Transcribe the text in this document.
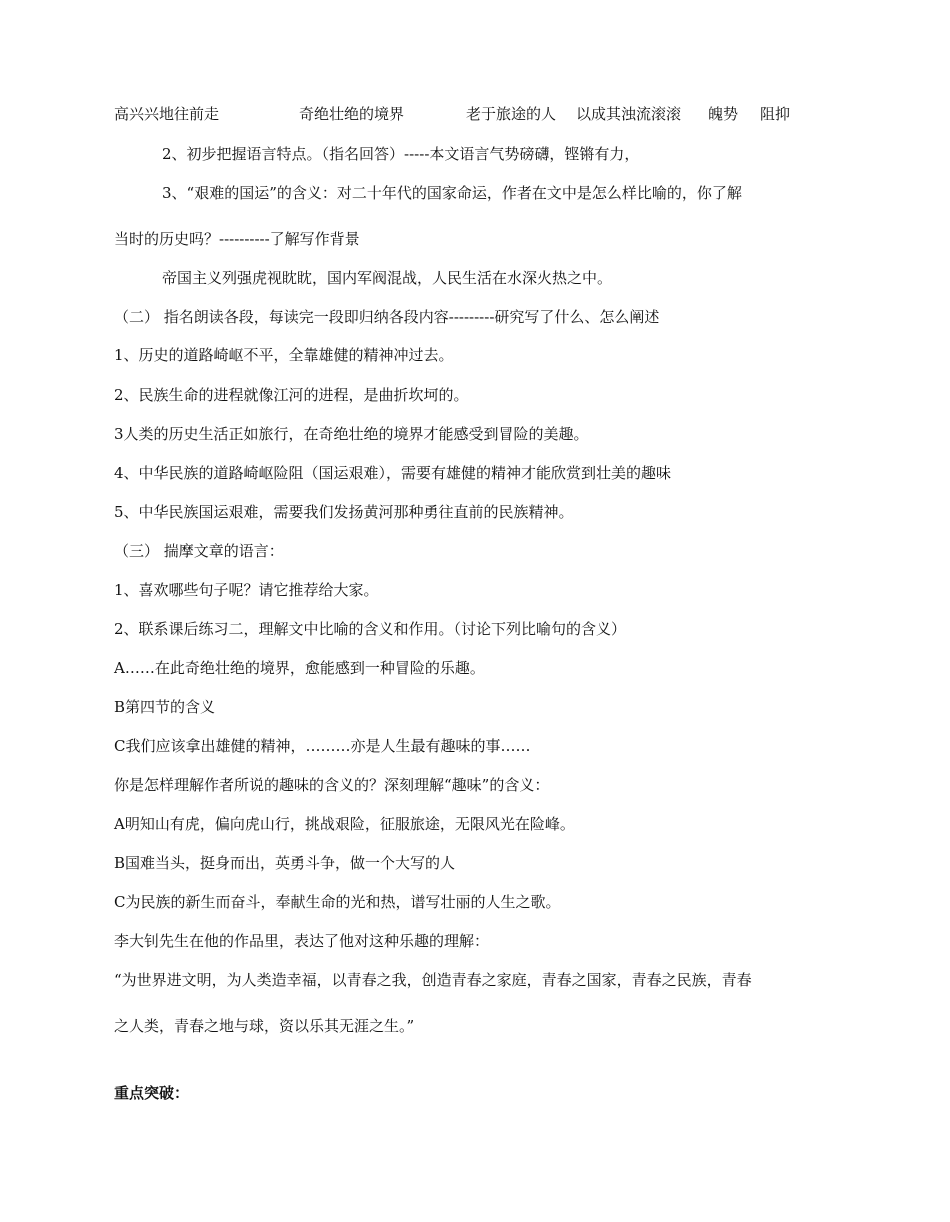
高兴兴地往前走	奇绝壮绝的境界	老于旅途的人 以成其浊流滚滚 魄势 阻抑
2、初步把握语言特点。（指名回答）-----本文语言气势磅礴，铿锵有力，
3、“艰难的国运”的含义：对二十年代的国家命运，作者在文中是怎么样比喻的，你了解
当时的历史吗？----------了解写作背景
帝国主义列强虎视眈眈，国内军阀混战，人民生活在水深火热之中。
（二） 指名朗读各段，每读完一段即归纳各段内容---------研究写了什么、怎么阐述
1、历史的道路崎岖不平，全靠雄健的精神冲过去。
2、民族生命的进程就像江河的进程，是曲折坎坷的。
3人类的历史生活正如旅行，在奇绝壮绝的境界才能感受到冒险的美趣。
4、中华民族的道路崎岖险阻（国运艰难），需要有雄健的精神才能欣赏到壮美的趣味
5、中华民族国运艰难，需要我们发扬黄河那种勇往直前的民族精神。
（三） 揣摩文章的语言：
1、喜欢哪些句子呢？请它推荐给大家。
2、联系课后练习二，理解文中比喻的含义和作用。（讨论下列比喻句的含义）
A……在此奇绝壮绝的境界，愈能感到一种冒险的乐趣。
B第四节的含义
C我们应该拿出雄健的精神，………亦是人生最有趣味的事……
你是怎样理解作者所说的趣味的含义的？深刻理解“趣味”的含义：
A明知山有虎，偏向虎山行，挑战艰险，征服旅途，无限风光在险峰。
B国难当头，挺身而出，英勇斗争，做一个大写的人
C为民族的新生而奋斗，奉献生命的光和热，谱写壮丽的人生之歌。
李大钊先生在他的作品里，表达了他对这种乐趣的理解：
“为世界进文明，为人类造幸福，以青春之我，创造青春之家庭，青春之国家，青春之民族，青春
之人类，青春之地与球，资以乐其无涯之生。”
重点突破：
